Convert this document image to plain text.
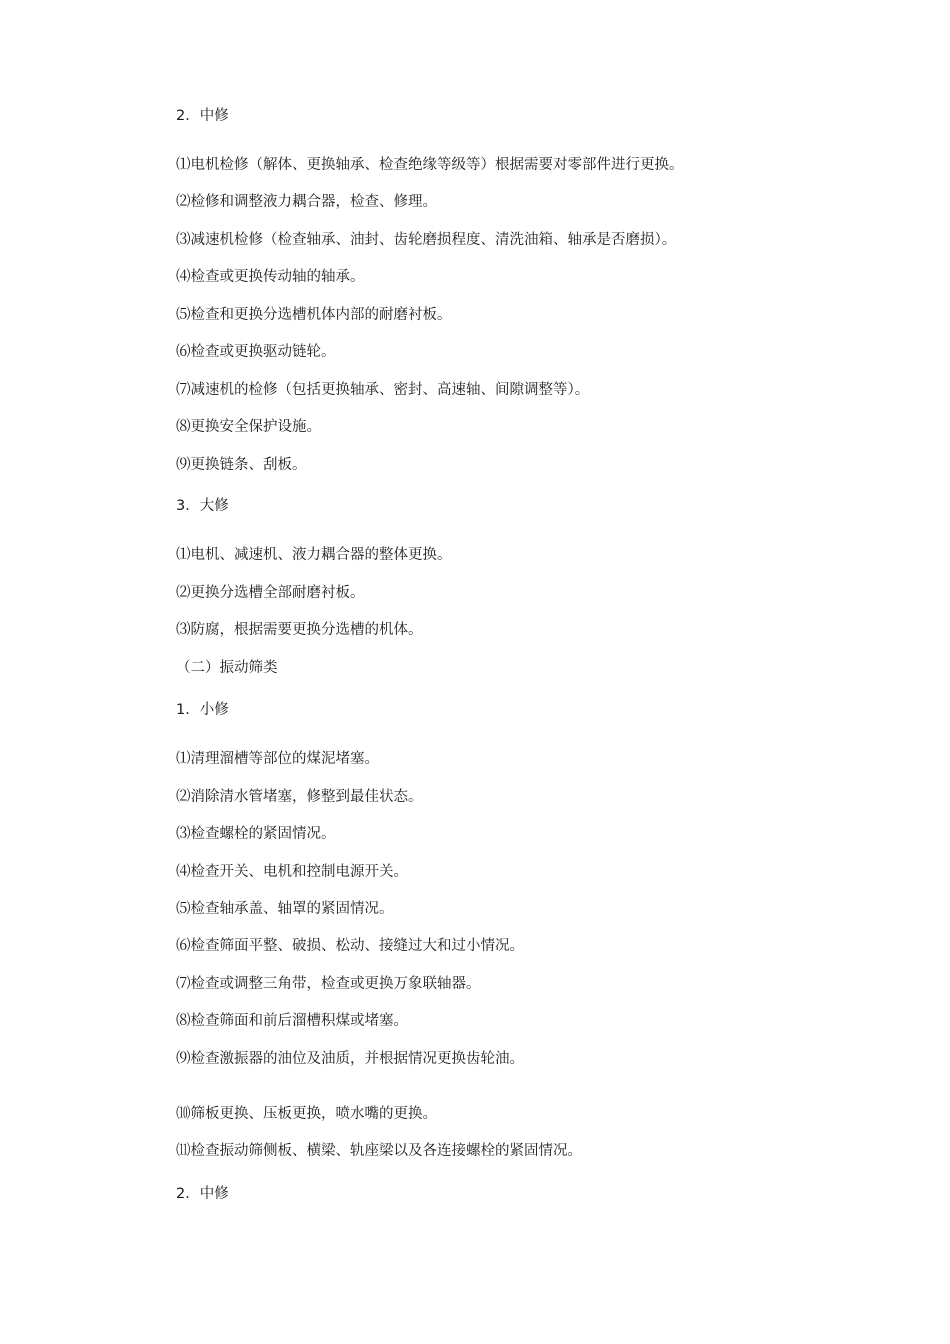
2．中修
⑴电机检修（解体、更换轴承、检查绝缘等级等）根据需要对零部件进行更换。
⑵检修和调整液力耦合器，检查、修理。
⑶减速机检修（检查轴承、油封、齿轮磨损程度、清洗油箱、轴承是否磨损）。
⑷检查或更换传动轴的轴承。
⑸检查和更换分选槽机体内部的耐磨衬板。
⑹检查或更换驱动链轮。
⑺减速机的检修（包括更换轴承、密封、高速轴、间隙调整等）。
⑻更换安全保护设施。
⑼更换链条、刮板。
3．大修
⑴电机、减速机、液力耦合器的整体更换。
⑵更换分选槽全部耐磨衬板。
⑶防腐，根据需要更换分选槽的机体。
（二）振动筛类
1．小修
⑴清理溜槽等部位的煤泥堵塞。
⑵消除清水管堵塞，修整到最佳状态。
⑶检查螺栓的紧固情况。
⑷检查开关、电机和控制电源开关。
⑸检查轴承盖、轴罩的紧固情况。
⑹检查筛面平整、破损、松动、接缝过大和过小情况。
⑺检查或调整三角带，检查或更换万象联轴器。
⑻检查筛面和前后溜槽积煤或堵塞。
⑼检查激振器的油位及油质，并根据情况更换齿轮油。
⑽筛板更换、压板更换，喷水嘴的更换。
⑾检查振动筛侧板、横梁、轨座梁以及各连接螺栓的紧固情况。
2．中修
